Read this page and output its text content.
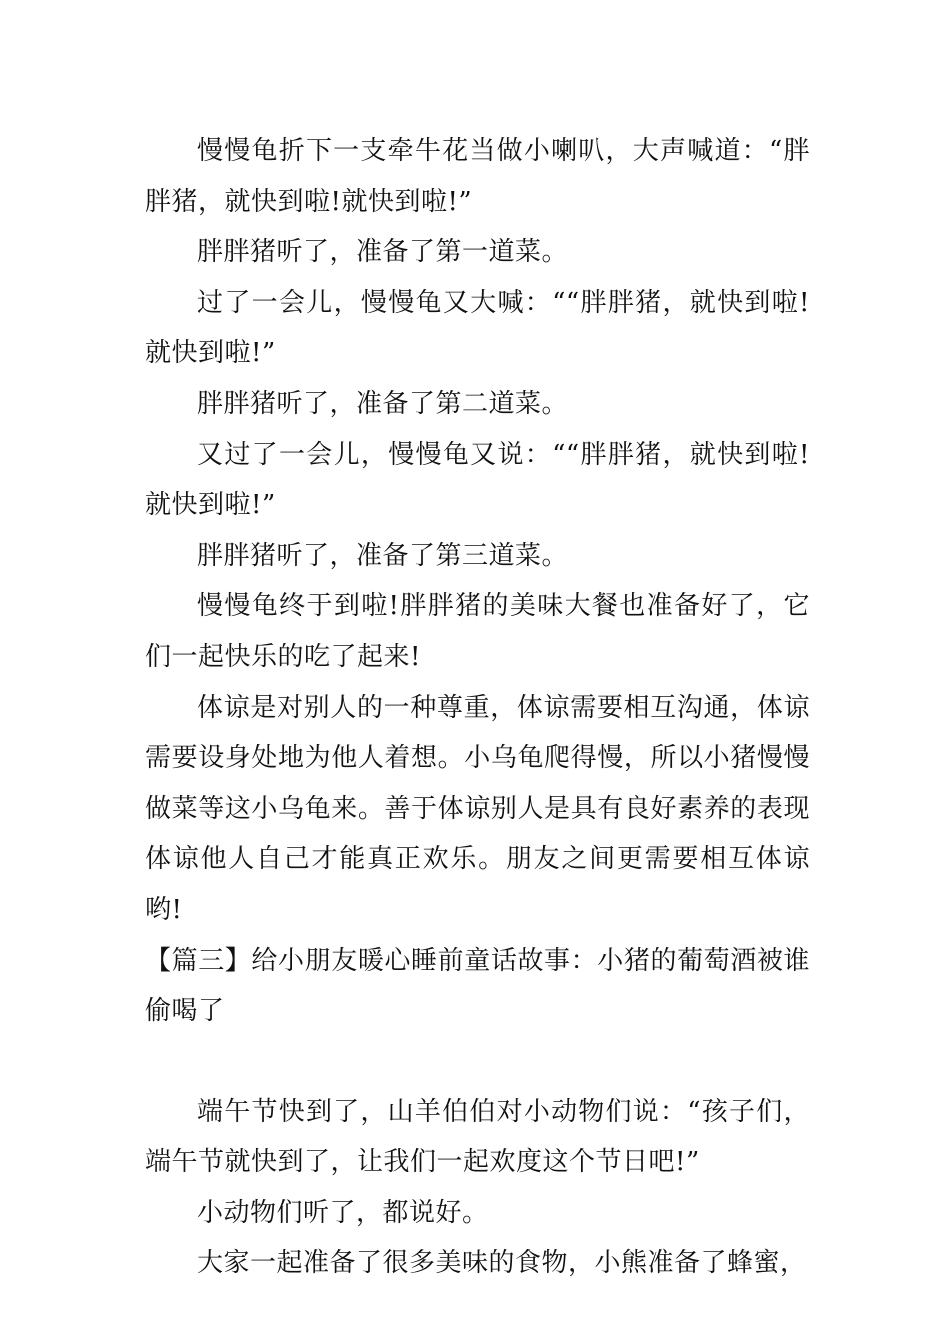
慢慢龟折下一支牵牛花当做小喇叭，大声喊道：“胖胖猪，就快到啦!就快到啦!”

胖胖猪听了，准备了第一道菜。

过了一会儿，慢慢龟又大喊：““胖胖猪，就快到啦!就快到啦!”

胖胖猪听了，准备了第二道菜。

又过了一会儿，慢慢龟又说：““胖胖猪，就快到啦!就快到啦!”

胖胖猪听了，准备了第三道菜。

慢慢龟终于到啦!胖胖猪的美味大餐也准备好了，它们一起快乐的吃了起来!

体谅是对别人的一种尊重，体谅需要相互沟通，体谅需要设身处地为他人着想。小乌龟爬得慢，所以小猪慢慢做菜等这小乌龟来。善于体谅别人是具有良好素养的表现体谅他人自己才能真正欢乐。朋友之间更需要相互体谅哟!

【篇三】给小朋友暖心睡前童话故事：小猪的葡萄酒被谁偷喝了

端午节快到了，山羊伯伯对小动物们说：“孩子们，端午节就快到了，让我们一起欢度这个节日吧!”

小动物们听了，都说好。

大家一起准备了很多美味的食物，小熊准备了蜂蜜，
